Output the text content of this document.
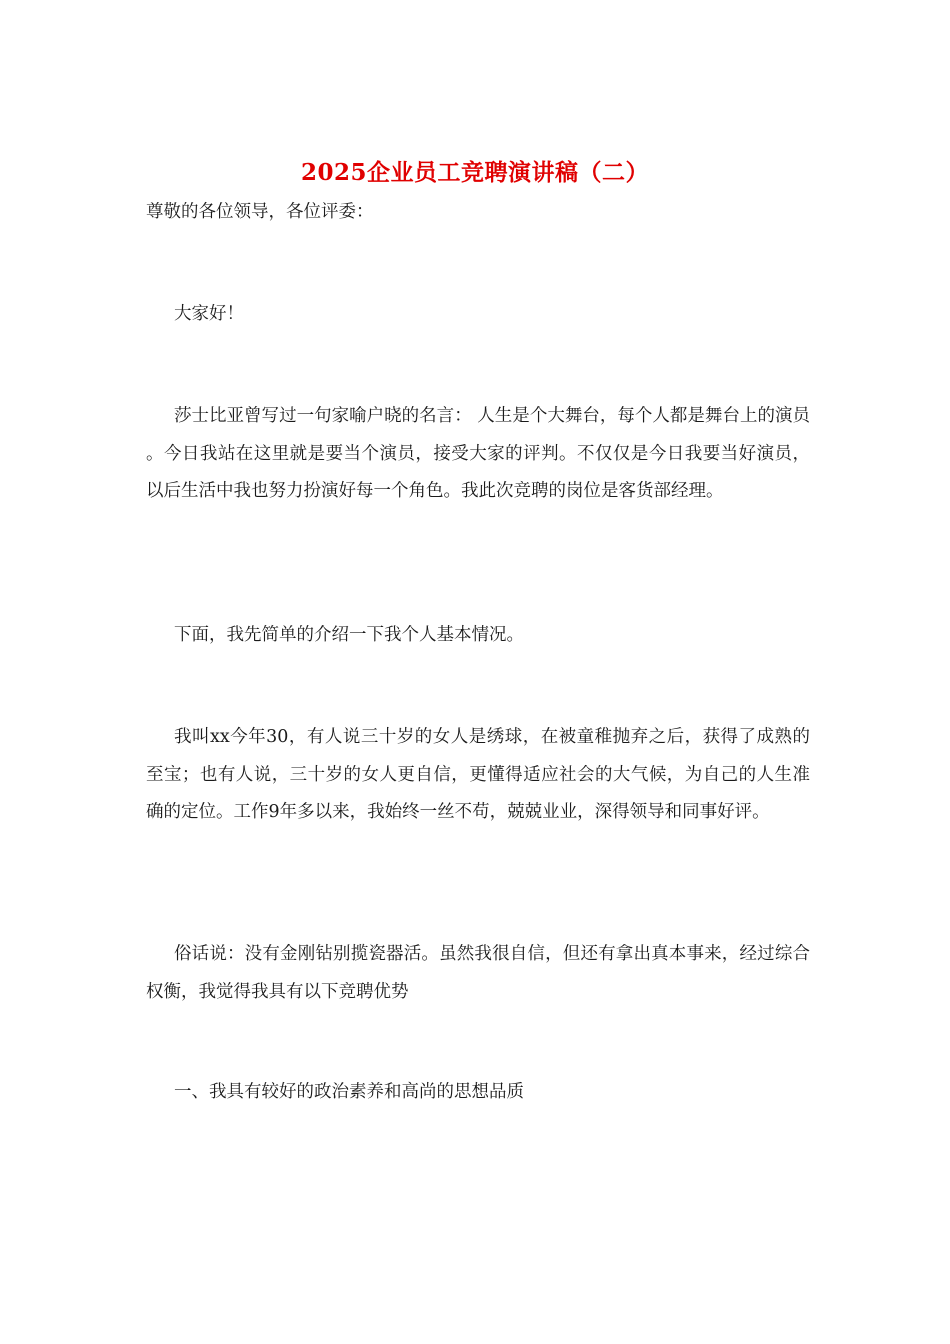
2025企业员工竞聘演讲稿（二）
尊敬的各位领导，各位评委：

大家好！

莎士比亚曾写过一句家喻户晓的名言： 人生是个大舞台，每个人都是舞台上的演员 。今日我站在这里就是要当个演员，接受大家的评判。不仅仅是今日我要当好演员，以后生活中我也努力扮演好每一个角色。我此次竞聘的岗位是客货部经理。

下面，我先简单的介绍一下我个人基本情况。

我叫xx今年30，有人说三十岁的女人是绣球，在被童稚抛弃之后，获得了成熟的至宝；也有人说，三十岁的女人更自信，更懂得适应社会的大气候，为自己的人生准确的定位。工作9年多以来，我始终一丝不苟，兢兢业业，深得领导和同事好评。

俗话说：没有金刚钻别揽瓷器活。虽然我很自信，但还有拿出真本事来，经过综合权衡，我觉得我具有以下竞聘优势

一、我具有较好的政治素养和高尚的思想品质
